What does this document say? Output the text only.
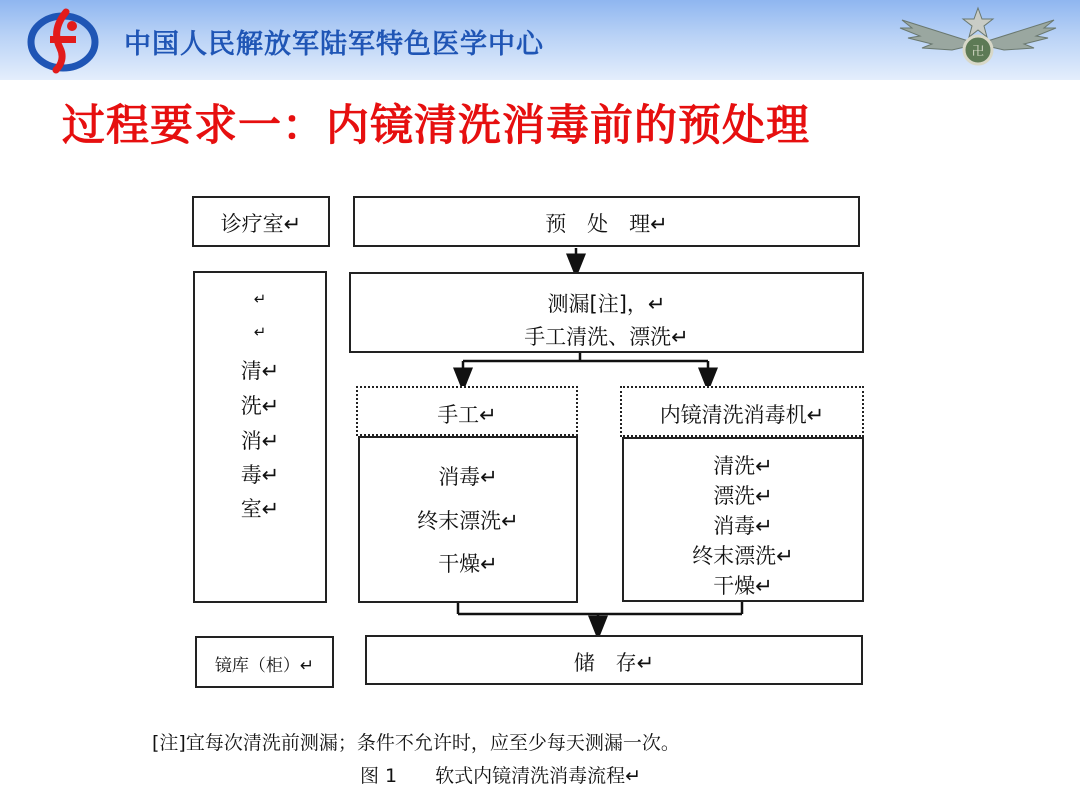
中国人民解放军陆军特色医学中心	卍
过程要求一：内镜清洗消毒前的预处理
诊疗室↵
↵
↵
清↵
洗↵
消↵
毒↵
室↵
镜库（柜）↵
预　处　理↵
测漏[注]，↵
手工清洗、漂洗↵
手工↵
消毒↵
终末漂洗↵
干燥↵
内镜清洗消毒机↵
清洗↵
漂洗↵
消毒↵
终末漂洗↵
干燥↵
储　存↵
[注]宜每次清洗前测漏；条件不允许时，应至少每天测漏一次。
图 1　　软式内镜清洗消毒流程↵
